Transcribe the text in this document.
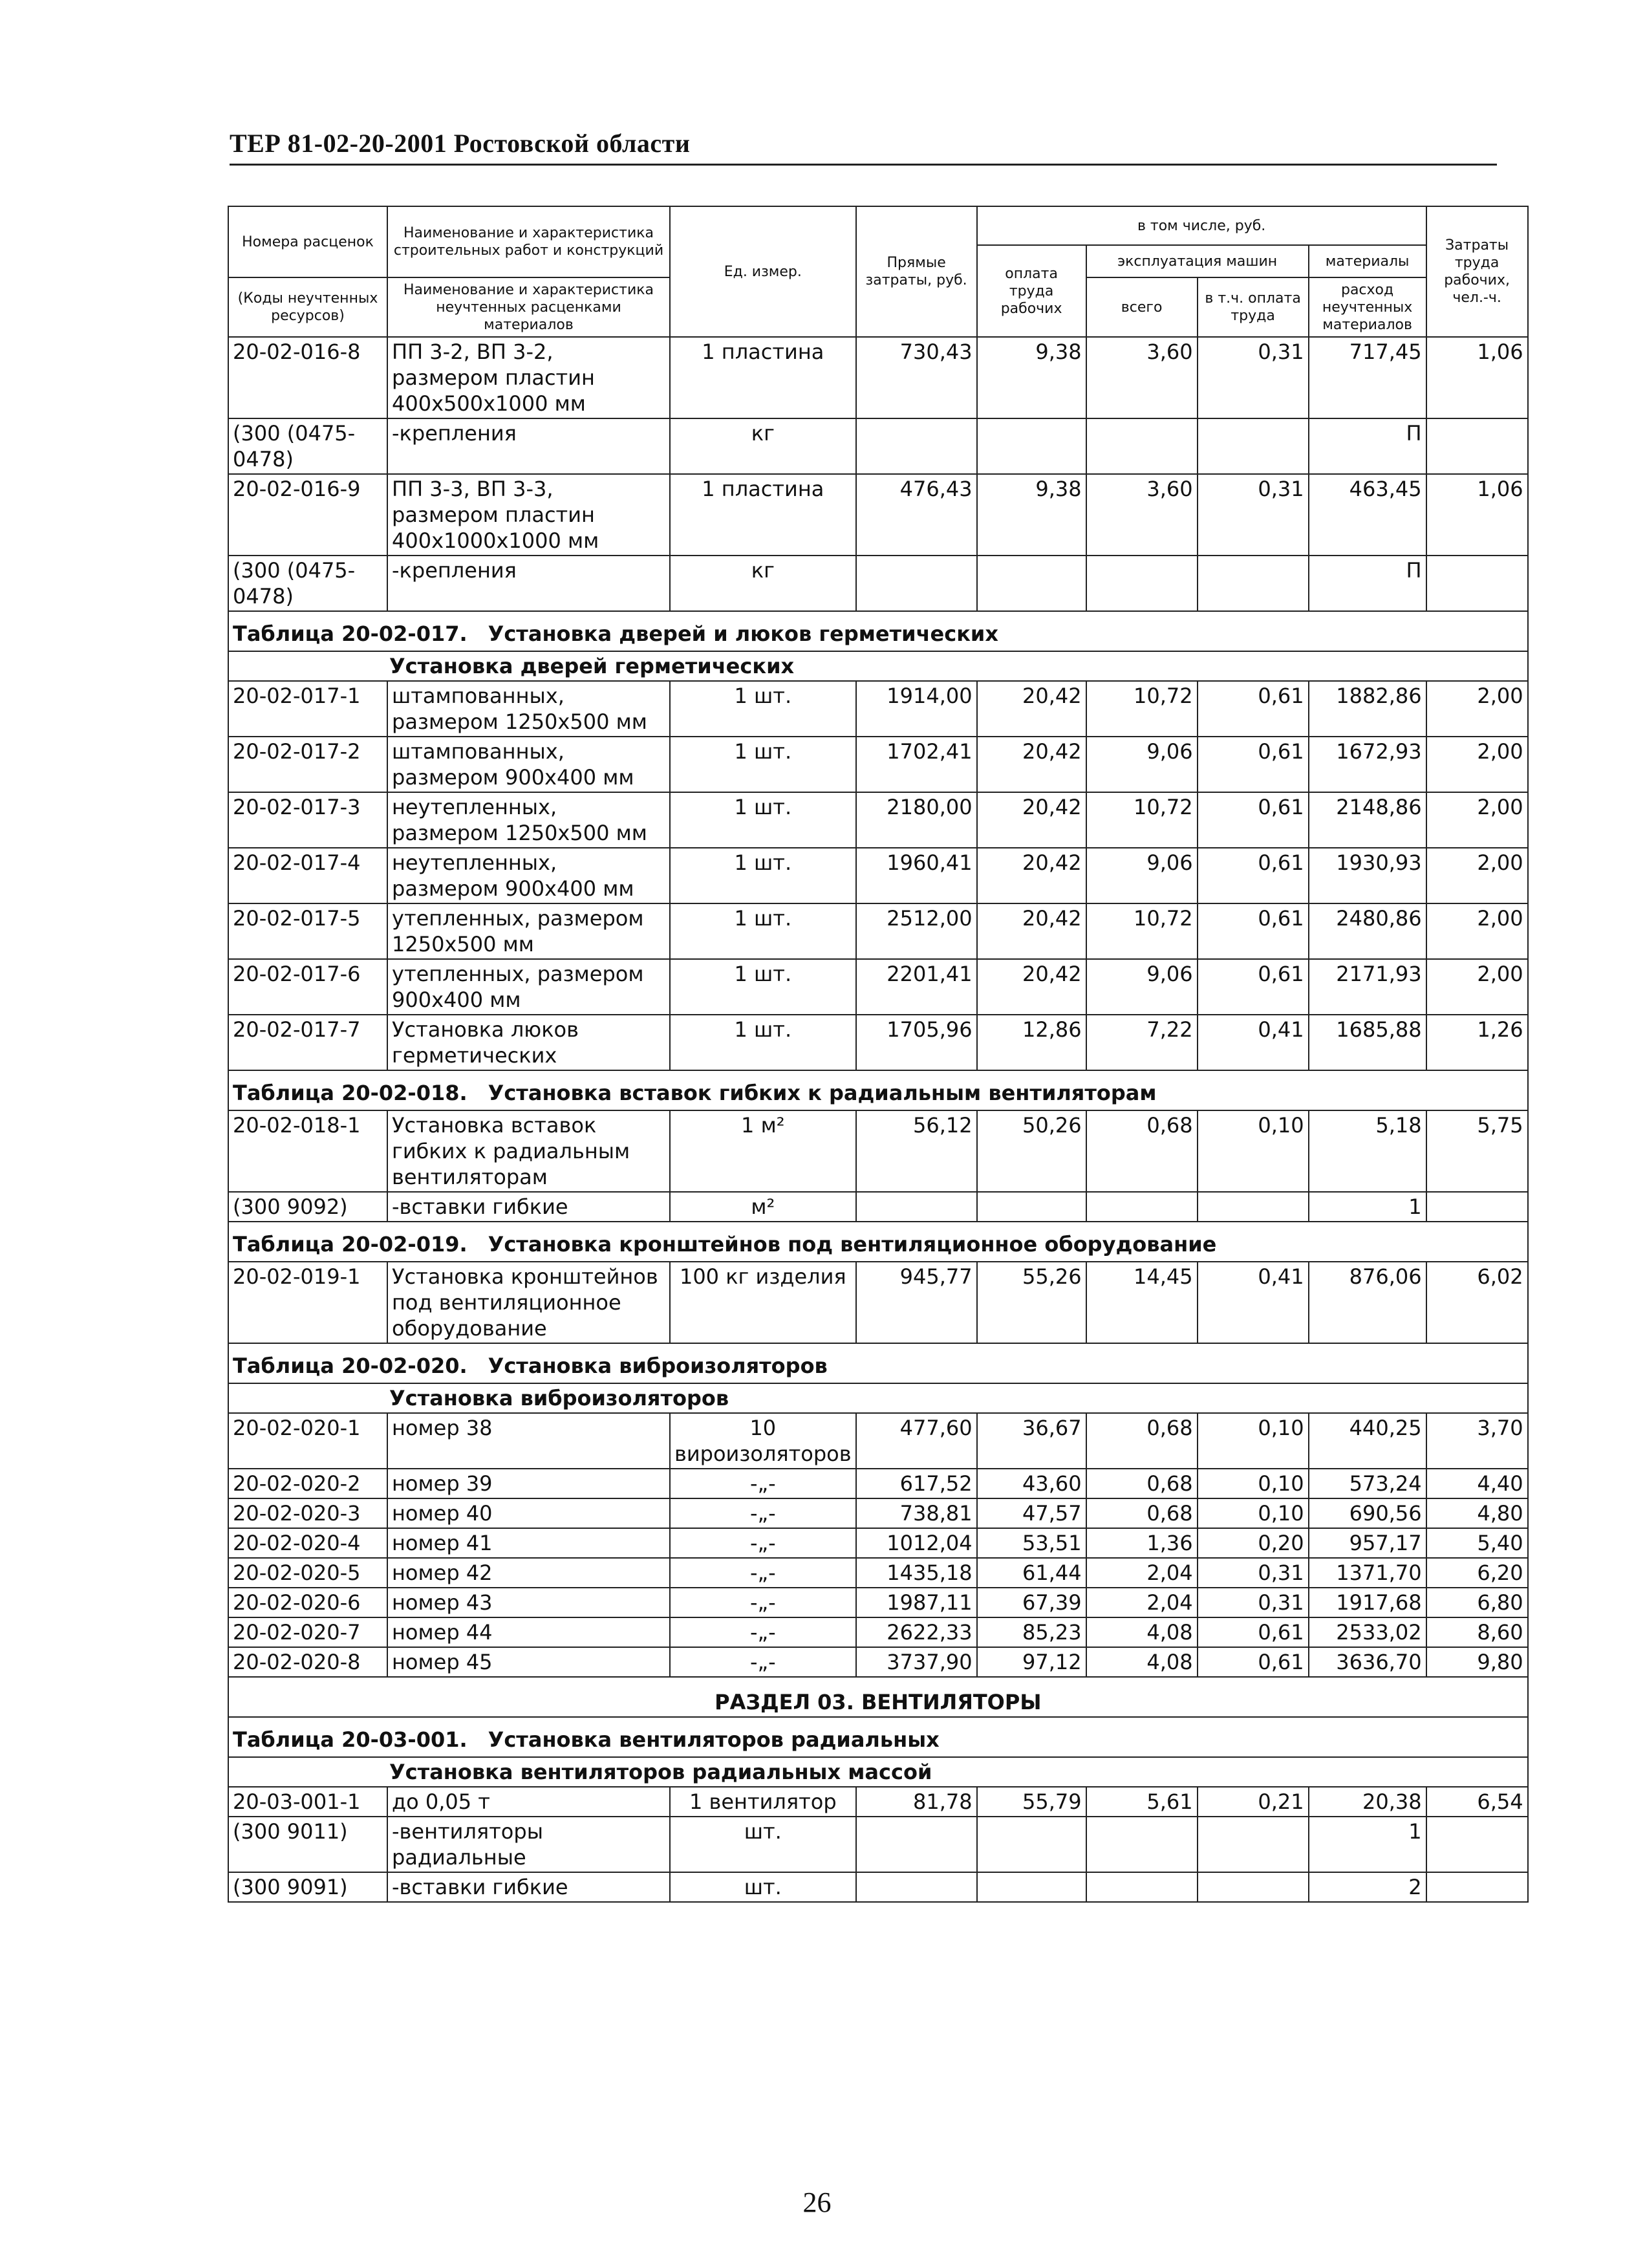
ТЕР 81-02-20-2001 Ростовской области
Номера расценок	Наименование и характеристика строительных работ и конструкций	Ед. измер.	Прямые затраты, руб.	в том числе, руб.				Затраты труда рабочих, чел.-ч.
				оплата труда рабочих	эксплуатация машин		материалы	
(Коды неучтенных ресурсов)	Наименование и характеристика неучтенных расценками материалов				всего	в т.ч. оплата труда	расход неучтенных материалов	

20-02-016-8	ПП 3-2, ВП 3-2, размером пластин 400x500x1000 мм	1 пластина	730,43	9,38	3,60	0,31	717,45	1,06
(300 (0475-0478)	-крепления	кг					П	
20-02-016-9	ПП 3-3, ВП 3-3, размером пластин 400x1000x1000 мм	1 пластина	476,43	9,38	3,60	0,31	463,45	1,06
(300 (0475-0478)	-крепления	кг					П	
Таблица 20-02-017. Установка дверей и люков герметических								
Установка дверей герметических								
20-02-017-1	штампованных, размером 1250x500 мм	1 шт.	1914,00	20,42	10,72	0,61	1882,86	2,00
20-02-017-2	штампованных, размером 900x400 мм	1 шт.	1702,41	20,42	9,06	0,61	1672,93	2,00
20-02-017-3	неутепленных, размером 1250x500 мм	1 шт.	2180,00	20,42	10,72	0,61	2148,86	2,00
20-02-017-4	неутепленных, размером 900x400 мм	1 шт.	1960,41	20,42	9,06	0,61	1930,93	2,00
20-02-017-5	утепленных, размером 1250x500 мм	1 шт.	2512,00	20,42	10,72	0,61	2480,86	2,00
20-02-017-6	утепленных, размером 900x400 мм	1 шт.	2201,41	20,42	9,06	0,61	2171,93	2,00
20-02-017-7	Установка люков герметических	1 шт.	1705,96	12,86	7,22	0,41	1685,88	1,26
Таблица 20-02-018. Установка вставок гибких к радиальным вентиляторам								
20-02-018-1	Установка вставок гибких к радиальным вентиляторам	1 м²	56,12	50,26	0,68	0,10	5,18	5,75
(300 9092)	-вставки гибкие	м²					1	
Таблица 20-02-019. Установка кронштейнов под вентиляционное оборудование								
20-02-019-1	Установка кронштейнов под вентиляционное оборудование	100 кг изделия	945,77	55,26	14,45	0,41	876,06	6,02
Таблица 20-02-020. Установка виброизоляторов								
Установка виброизоляторов								
20-02-020-1	номер 38	10 вироизоляторов	477,60	36,67	0,68	0,10	440,25	3,70
20-02-020-2	номер 39	-„-	617,52	43,60	0,68	0,10	573,24	4,40
20-02-020-3	номер 40	-„-	738,81	47,57	0,68	0,10	690,56	4,80
20-02-020-4	номер 41	-„-	1012,04	53,51	1,36	0,20	957,17	5,40
20-02-020-5	номер 42	-„-	1435,18	61,44	2,04	0,31	1371,70	6,20
20-02-020-6	номер 43	-„-	1987,11	67,39	2,04	0,31	1917,68	6,80
20-02-020-7	номер 44	-„-	2622,33	85,23	4,08	0,61	2533,02	8,60
20-02-020-8	номер 45	-„-	3737,90	97,12	4,08	0,61	3636,70	9,80
РАЗДЕЛ 03. ВЕНТИЛЯТОРЫ								
Таблица 20-03-001. Установка вентиляторов радиальных								
Установка вентиляторов радиальных массой								
20-03-001-1	до 0,05 т	1 вентилятор	81,78	55,79	5,61	0,21	20,38	6,54
(300 9011)	-вентиляторы радиальные	шт.					1	
(300 9091)	-вставки гибкие	шт.					2	
26
